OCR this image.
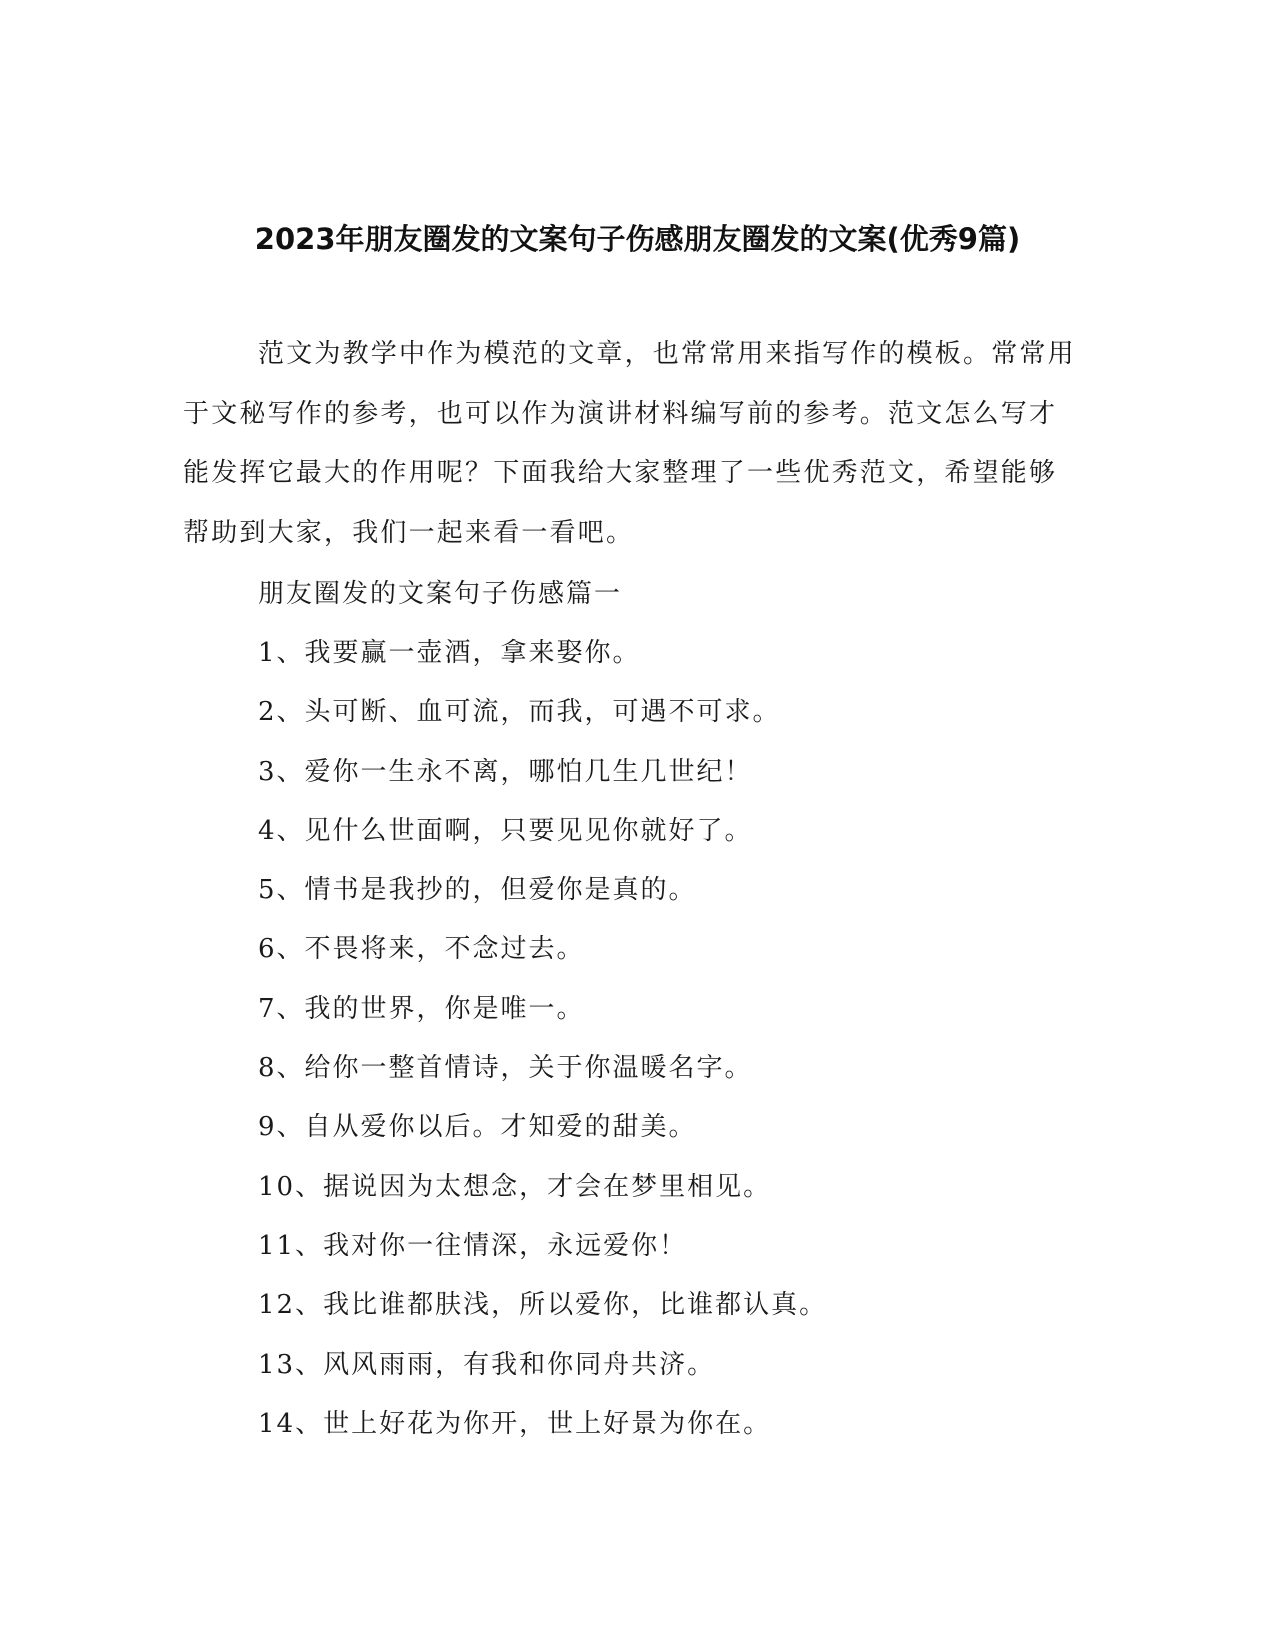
2023年朋友圈发的文案句子伤感朋友圈发的文案(优秀9篇)

范文为教学中作为模范的文章，也常常用来指写作的模板。常常用于文秘写作的参考，也可以作为演讲材料编写前的参考。范文怎么写才能发挥它最大的作用呢？下面我给大家整理了一些优秀范文，希望能够帮助到大家，我们一起来看一看吧。

朋友圈发的文案句子伤感篇一

1、我要赢一壶酒，拿来娶你。
2、头可断、血可流，而我，可遇不可求。
3、爱你一生永不离，哪怕几生几世纪！
4、见什么世面啊，只要见见你就好了。
5、情书是我抄的，但爱你是真的。
6、不畏将来，不念过去。
7、我的世界，你是唯一。
8、给你一整首情诗，关于你温暖名字。
9、自从爱你以后。才知爱的甜美。
10、据说因为太想念，才会在梦里相见。
11、我对你一往情深，永远爱你！
12、我比谁都肤浅，所以爱你，比谁都认真。
13、风风雨雨，有我和你同舟共济。
14、世上好花为你开，世上好景为你在。
